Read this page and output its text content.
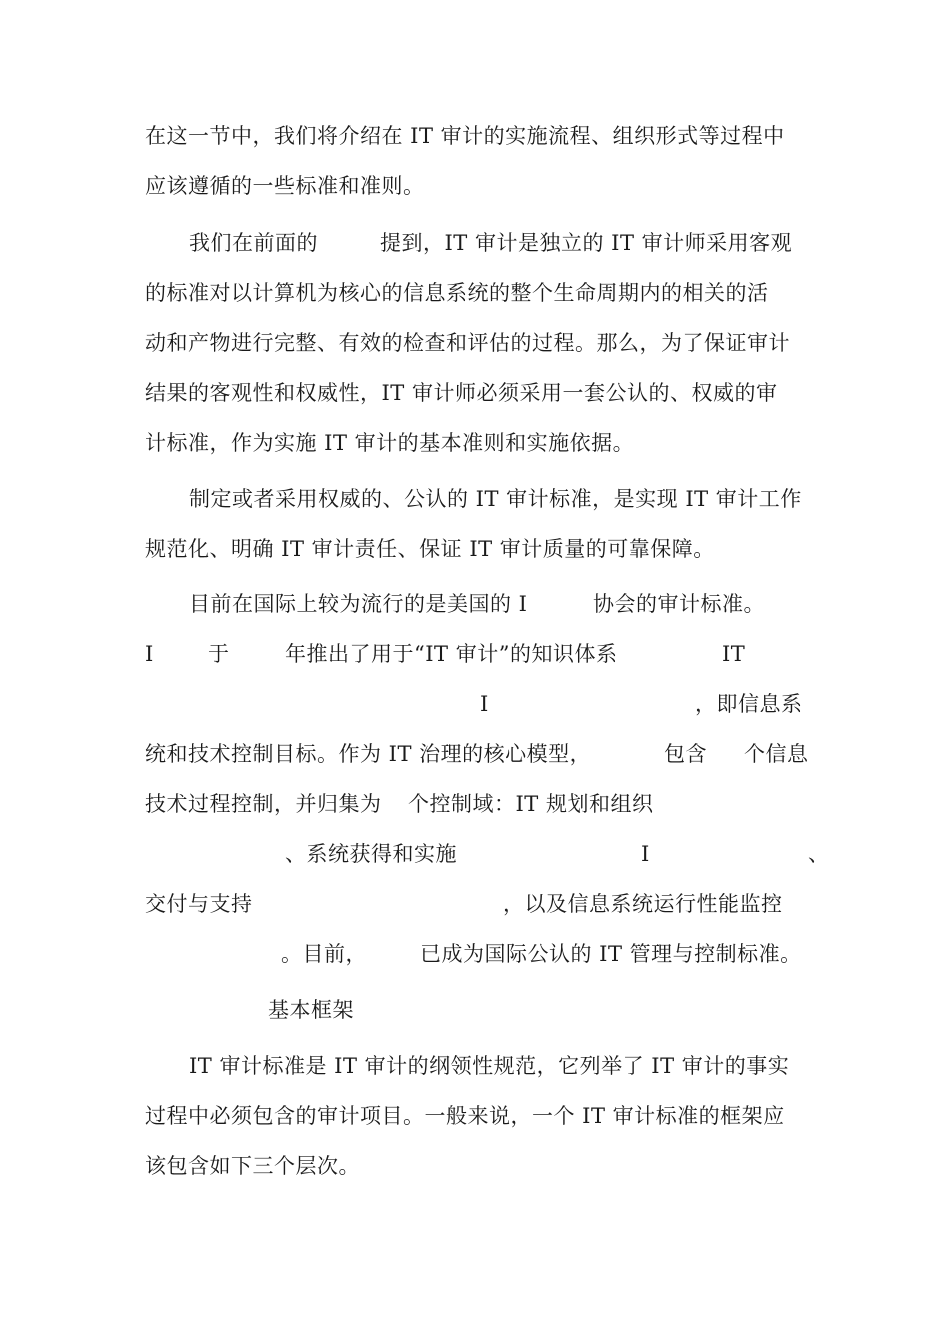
在这一节中，我们将介绍在 IT 审计的实施流程、组织形式等过程中
应该遵循的一些标准和准则。
我们在前面的	提到，IT 审计是独立的 IT 审计师采用客观
的标准对以计算机为核心的信息系统的整个生命周期内的相关的活
动和产物进行完整、有效的检查和评估的过程。那么，为了保证审计
结果的客观性和权威性，IT 审计师必须采用一套公认的、权威的审
计标准，作为实施 IT 审计的基本准则和实施依据。
制定或者采用权威的、公认的 IT 审计标准，是实现 IT 审计工作
规范化、明确 IT 审计责任、保证 IT 审计质量的可靠保障。
目前在国际上较为流行的是美国的 I	协会的审计标准。
I	于	年推出了用于“IT 审计”的知识体系	IT
I	，即信息系
统和技术控制目标。作为 IT 治理的核心模型，	包含 个信息
技术过程控制，并归集为 个控制域：IT 规划和组织
、系统获得和实施	I	、
交付与支持	，以及信息系统运行性能监控
。目前，	已成为国际公认的 IT 管理与控制标准。
基本框架
IT 审计标准是 IT 审计的纲领性规范，它列举了 IT 审计的事实
过程中必须包含的审计项目。一般来说，一个 IT 审计标准的框架应
该包含如下三个层次。
